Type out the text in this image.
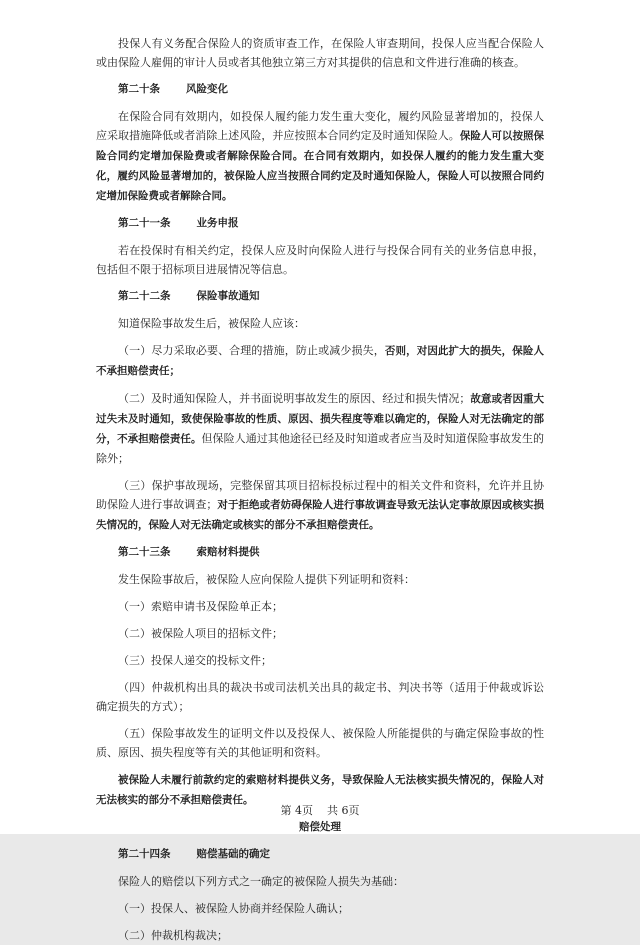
投保人有义务配合保险人的资质审查工作，在保险人审查期间，投保人应当配合保险人或由保险人雇佣的审计人员或者其他独立第三方对其提供的信息和文件进行准确的核查。

第二十条 风险变化

在保险合同有效期内，如投保人履约能力发生重大变化，履约风险显著增加的，投保人应采取措施降低或者消除上述风险，并应按照本合同约定及时通知保险人。保险人可以按照保险合同约定增加保险费或者解除保险合同。在合同有效期内，如投保人履约的能力发生重大变化，履约风险显著增加的，被保险人应当按照合同约定及时通知保险人，保险人可以按照合同约定增加保险费或者解除合同。

第二十一条 业务申报

若在投保时有相关约定，投保人应及时向保险人进行与投保合同有关的业务信息申报，包括但不限于招标项目进展情况等信息。

第二十二条 保险事故通知

知道保险事故发生后，被保险人应该：

（一）尽力采取必要、合理的措施，防止或减少损失，否则，对因此扩大的损失，保险人不承担赔偿责任；

（二）及时通知保险人，并书面说明事故发生的原因、经过和损失情况；故意或者因重大过失未及时通知，致使保险事故的性质、原因、损失程度等难以确定的，保险人对无法确定的部分，不承担赔偿责任。但保险人通过其他途径已经及时知道或者应当及时知道保险事故发生的除外；

（三）保护事故现场，完整保留其项目招标投标过程中的相关文件和资料，允许并且协助保险人进行事故调查；对于拒绝或者妨碍保险人进行事故调查导致无法认定事故原因或核实损失情况的，保险人对无法确定或核实的部分不承担赔偿责任。

第二十三条 索赔材料提供

发生保险事故后，被保险人应向保险人提供下列证明和资料：

（一）索赔申请书及保险单正本；

（二）被保险人项目的招标文件；

（三）投保人递交的投标文件；

（四）仲裁机构出具的裁决书或司法机关出具的裁定书、判决书等（适用于仲裁或诉讼确定损失的方式）；

（五）保险事故发生的证明文件以及投保人、被保险人所能提供的与确定保险事故的性质、原因、损失程度等有关的其他证明和资料。

被保险人未履行前款约定的索赔材料提供义务，导致保险人无法核实损失情况的，保险人对无法核实的部分不承担赔偿责任。

赔偿处理
第二十四条 赔偿基础的确定

保险人的赔偿以下列方式之一确定的被保险人损失为基础：

（一）投保人、被保险人协商并经保险人确认；

（二）仲裁机构裁决；

第 4页 共 6页
